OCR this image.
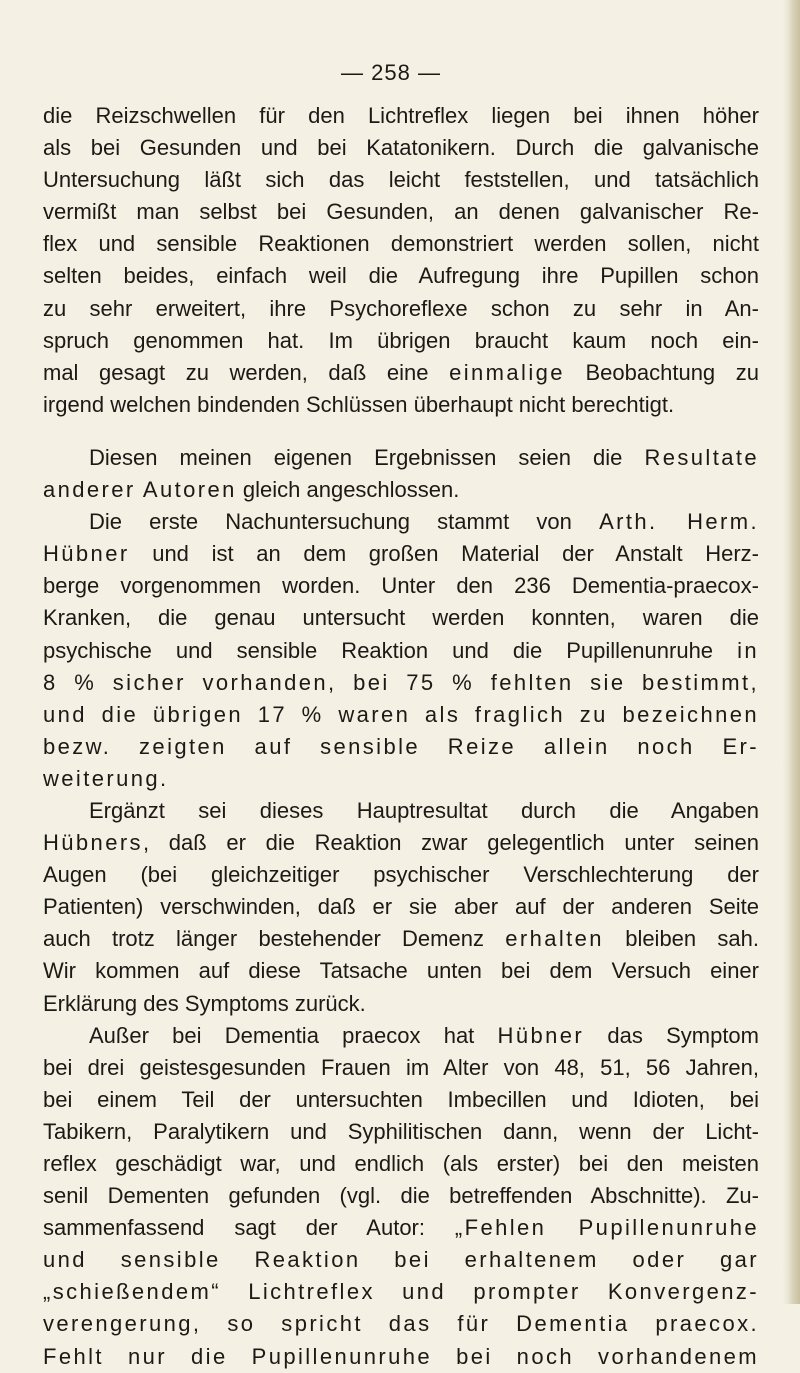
— 258 —
die Reizschwellen für den Lichtreflex liegen bei ihnen höher
als bei Gesunden und bei Katatonikern. Durch die galvanische
Untersuchung läßt sich das leicht feststellen, und tatsächlich
vermißt man selbst bei Gesunden, an denen galvanischer Re-
flex und sensible Reaktionen demonstriert werden sollen, nicht
selten beides, einfach weil die Aufregung ihre Pupillen schon
zu sehr erweitert, ihre Psychoreflexe schon zu sehr in An-
spruch genommen hat. Im übrigen braucht kaum noch ein-
mal gesagt zu werden, daß eine einmalige Beobachtung zu
irgend welchen bindenden Schlüssen überhaupt nicht berechtigt.
Diesen meinen eigenen Ergebnissen seien die Resultate
anderer Autoren gleich angeschlossen.
Die erste Nachuntersuchung stammt von Arth. Herm.
Hübner und ist an dem großen Material der Anstalt Herz-
berge vorgenommen worden. Unter den 236 Dementia-praecox-
Kranken, die genau untersucht werden konnten, waren die
psychische und sensible Reaktion und die Pupillenunruhe in
8 % sicher vorhanden, bei 75 % fehlten sie bestimmt,
und die übrigen 17 % waren als fraglich zu bezeichnen
bezw. zeigten auf sensible Reize allein noch Er-
weiterung.
Ergänzt sei dieses Hauptresultat durch die Angaben
Hübners, daß er die Reaktion zwar gelegentlich unter seinen
Augen (bei gleichzeitiger psychischer Verschlechterung der
Patienten) verschwinden, daß er sie aber auf der anderen Seite
auch trotz länger bestehender Demenz erhalten bleiben sah.
Wir kommen auf diese Tatsache unten bei dem Versuch einer
Erklärung des Symptoms zurück.
Außer bei Dementia praecox hat Hübner das Symptom
bei drei geistesgesunden Frauen im Alter von 48, 51, 56 Jahren,
bei einem Teil der untersuchten Imbecillen und Idioten, bei
Tabikern, Paralytikern und Syphilitischen dann, wenn der Licht-
reflex geschädigt war, und endlich (als erster) bei den meisten
senil Dementen gefunden (vgl. die betreffenden Abschnitte). Zu-
sammenfassend sagt der Autor: „Fehlen Pupillenunruhe
und sensible Reaktion bei erhaltenem oder gar
„schießendem“ Lichtreflex und prompter Konvergenz-
verengerung, so spricht das für Dementia praecox.
Fehlt nur die Pupillenunruhe bei noch vorhandenem
